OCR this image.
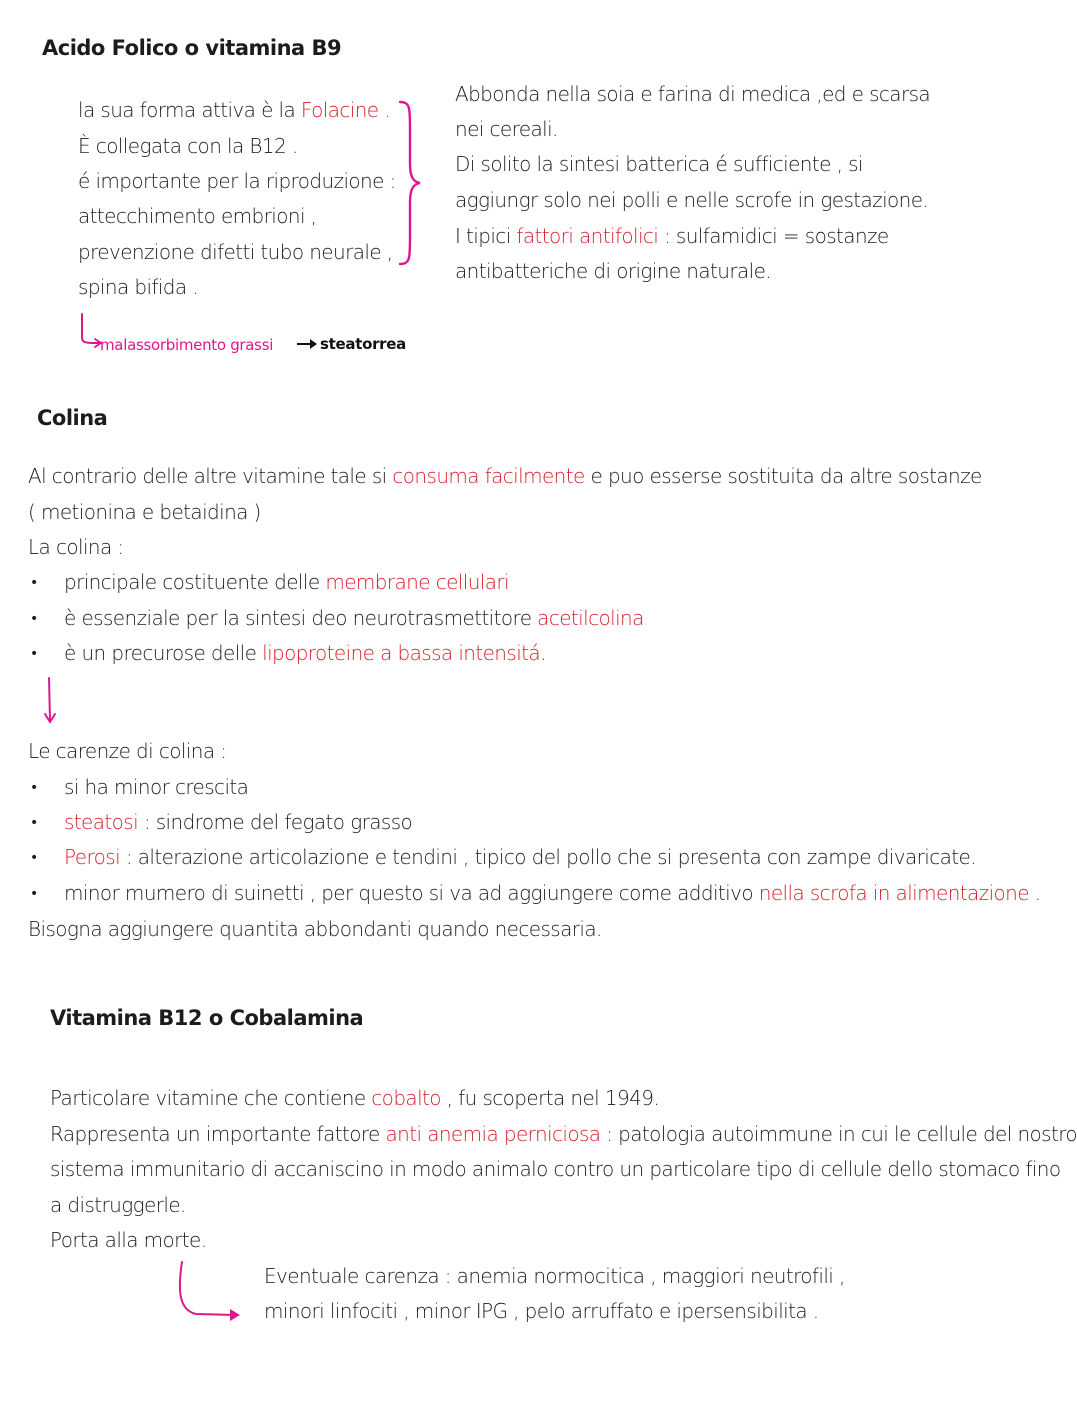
Acido Folico o vitamina B9
la sua forma attiva è la Folacine .
È collegata con la B12 .
é importante per la riproduzione :
attecchimento embrioni ,
prevenzione difetti tubo neurale ,
spina bifida .
Abbonda nella soia e farina di medica ,ed e scarsa
nei cereali.
Di solito la sintesi batterica é sufficiente , si
aggiungr solo nei polli e nelle scrofe in gestazione.
I tipici fattori antifolici : sulfamidici = sostanze
antibatteriche di origine naturale.
malassorbimento grassi	steatorrea
Colina
Al contrario delle altre vitamine tale si consuma facilmente e puo esserse sostituita da altre sostanze
( metionina e betaidina )
La colina :
• principale costituente delle membrane cellulari
• è essenziale per la sintesi deo neurotrasmettitore acetilcolina
• è un precurose delle lipoproteine a bassa intensitá.
Le carenze di colina :
• si ha minor crescita
• steatosi : sindrome del fegato grasso
• Perosi : alterazione articolazione e tendini , tipico del pollo che si presenta con zampe divaricate.
• minor mumero di suinetti , per questo si va ad aggiungere come additivo nella scrofa in alimentazione .
Bisogna aggiungere quantita abbondanti quando necessaria.
Vitamina B12 o Cobalamina
Particolare vitamine che contiene cobalto , fu scoperta nel 1949.
Rappresenta un importante fattore anti anemia perniciosa : patologia autoimmune in cui le cellule del nostro
sistema immunitario di accaniscino in modo animalo contro un particolare tipo di cellule dello stomaco fino
a distruggerle.
Porta alla morte.
Eventuale carenza : anemia normocitica , maggiori neutrofili ,
minori linfociti , minor IPG , pelo arruffato e ipersensibilita .
